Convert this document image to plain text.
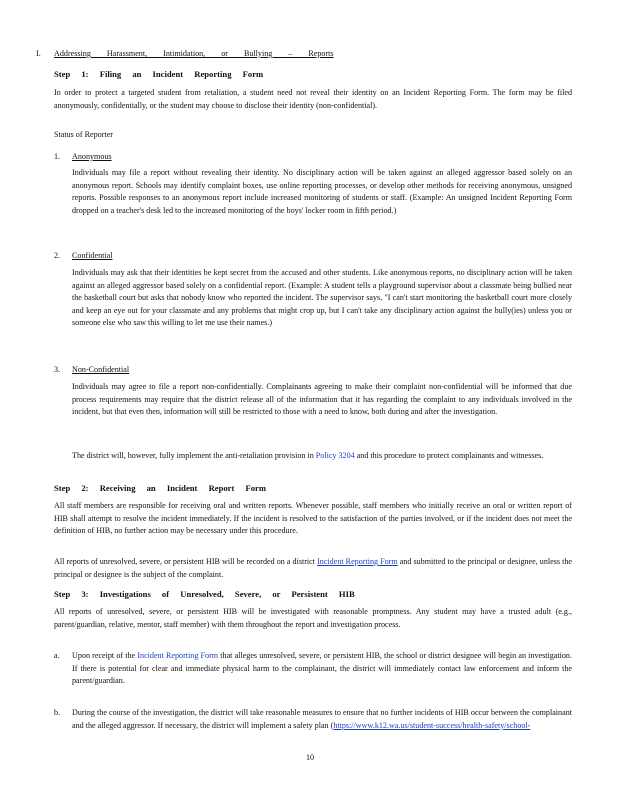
I. Addressing Harassment, Intimidation, or Bullying – Reports
Step 1: Filing an Incident Reporting Form
In order to protect a targeted student from retaliation, a student need not reveal their identity on an Incident Reporting Form. The form may be filed anonymously, confidentially, or the student may choose to disclose their identity (non-confidential).
Status of Reporter
1. Anonymous
Individuals may file a report without revealing their identity. No disciplinary action will be taken against an alleged aggressor based solely on an anonymous report. Schools may identify complaint boxes, use online reporting processes, or develop other methods for receiving anonymous, unsigned reports. Possible responses to an anonymous report include increased monitoring of students or staff. (Example: An unsigned Incident Reporting Form dropped on a teacher's desk led to the increased monitoring of the boys' locker room in fifth period.)
2. Confidential
Individuals may ask that their identities be kept secret from the accused and other students. Like anonymous reports, no disciplinary action will be taken against an alleged aggressor based solely on a confidential report. (Example: A student tells a playground supervisor about a classmate being bullied near the basketball court but asks that nobody know who reported the incident. The supervisor says, "I can't start monitoring the basketball court more closely and keep an eye out for your classmate and any problems that might crop up, but I can't take any disciplinary action against the bully(ies) unless you or someone else who saw this willing to let me use their names.)
3. Non-Confidential
Individuals may agree to file a report non-confidentially. Complainants agreeing to make their complaint non-confidential will be informed that due process requirements may require that the district release all of the information that it has regarding the complaint to any individuals involved in the incident, but that even then, information will still be restricted to those with a need to know, both during and after the investigation.
The district will, however, fully implement the anti-retaliation provision in Policy 3204 and this procedure to protect complainants and witnesses.
Step 2: Receiving an Incident Report Form
All staff members are responsible for receiving oral and written reports. Whenever possible, staff members who initially receive an oral or written report of HIB shall attempt to resolve the incident immediately. If the incident is resolved to the satisfaction of the parties involved, or if the incident does not meet the definition of HIB, no further action may be necessary under this procedure.
All reports of unresolved, severe, or persistent HIB will be recorded on a district Incident Reporting Form and submitted to the principal or designee, unless the principal or designee is the subject of the complaint.
Step 3: Investigations of Unresolved, Severe, or Persistent HIB
All reports of unresolved, severe, or persistent HIB will be investigated with reasonable promptness. Any student may have a trusted adult (e.g., parent/guardian, relative, mentor, staff member) with them throughout the report and investigation process.
a. Upon receipt of the Incident Reporting Form that alleges unresolved, severe, or persistent HIB, the school or district designee will begin an investigation. If there is potential for clear and immediate physical harm to the complainant, the district will immediately contact law enforcement and inform the parent/guardian.
b. During the course of the investigation, the district will take reasonable measures to ensure that no further incidents of HIB occur between the complainant and the alleged aggressor. If necessary, the district will implement a safety plan (https://www.k12.wa.us/student-success/health-safety/school-
10
